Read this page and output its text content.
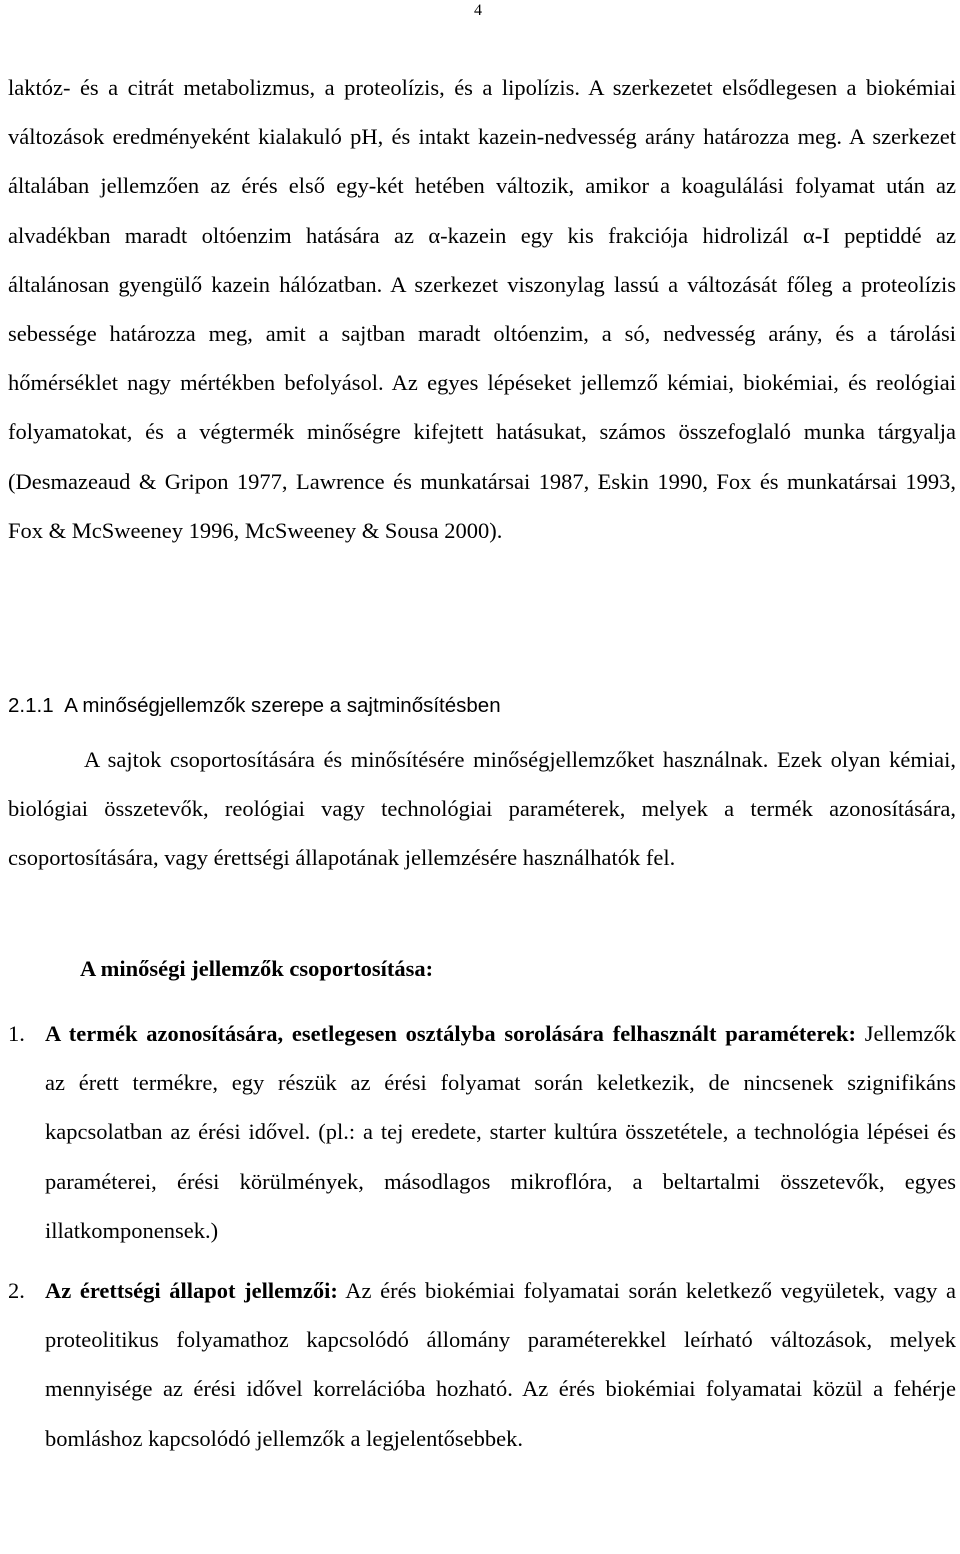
4

laktóz- és a citrát metabolizmus, a proteolízis, és a lipolízis. A szerkezetet elsődlegesen a biokémiai változások eredményeként kialakuló pH, és intakt kazein-nedvesség arány határozza meg. A szerkezet általában jellemzően az érés első egy-két hetében változik, amikor a koagulálási folyamat után az alvadékban maradt oltóenzim hatására az α-kazein egy kis frakciója hidrolizál α-I peptiddé az általánosan gyengülő kazein hálózatban. A szerkezet viszonylag lassú a változását főleg a proteolízis sebessége határozza meg, amit a sajtban maradt oltóenzim, a só, nedvesség arány, és a tárolási hőmérséklet nagy mértékben befolyásol. Az egyes lépéseket jellemző kémiai, biokémiai, és reológiai folyamatokat, és a végtermék minőségre kifejtett hatásukat, számos összefoglaló munka tárgyalja (Desmazeaud & Gripon 1977, Lawrence és munkatársai 1987, Eskin 1990, Fox és munkatársai 1993, Fox & McSweeney 1996, McSweeney & Sousa 2000).

2.1.1 A minőségjellemzők szerepe a sajtminősítésben

A sajtok csoportosítására és minősítésére minőségjellemzőket használnak. Ezek olyan kémiai, biológiai összetevők, reológiai vagy technológiai paraméterek, melyek a termék azonosítására, csoportosítására, vagy érettségi állapotának jellemzésére használhatók fel.

A minőségi jellemzők csoportosítása:
1. A termék azonosítására, esetlegesen osztályba sorolására felhasznált paraméterek: Jellemzők az érett termékre, egy részük az érési folyamat során keletkezik, de nincsenek szignifikáns kapcsolatban az érési idővel. (pl.: a tej eredete, starter kultúra összetétele, a technológia lépései és paraméterei, érési körülmények, másodlagos mikroflóra, a beltartalmi összetevők, egyes illatkomponensek.)
2. Az érettségi állapot jellemzői: Az érés biokémiai folyamatai során keletkező vegyületek, vagy a proteolitikus folyamathoz kapcsolódó állomány paraméterekkel leírható változások, melyek mennyisége az érési idővel korrelációba hozható. Az érés biokémiai folyamatai közül a fehérje bomláshoz kapcsolódó jellemzők a legjelentősebbek.
